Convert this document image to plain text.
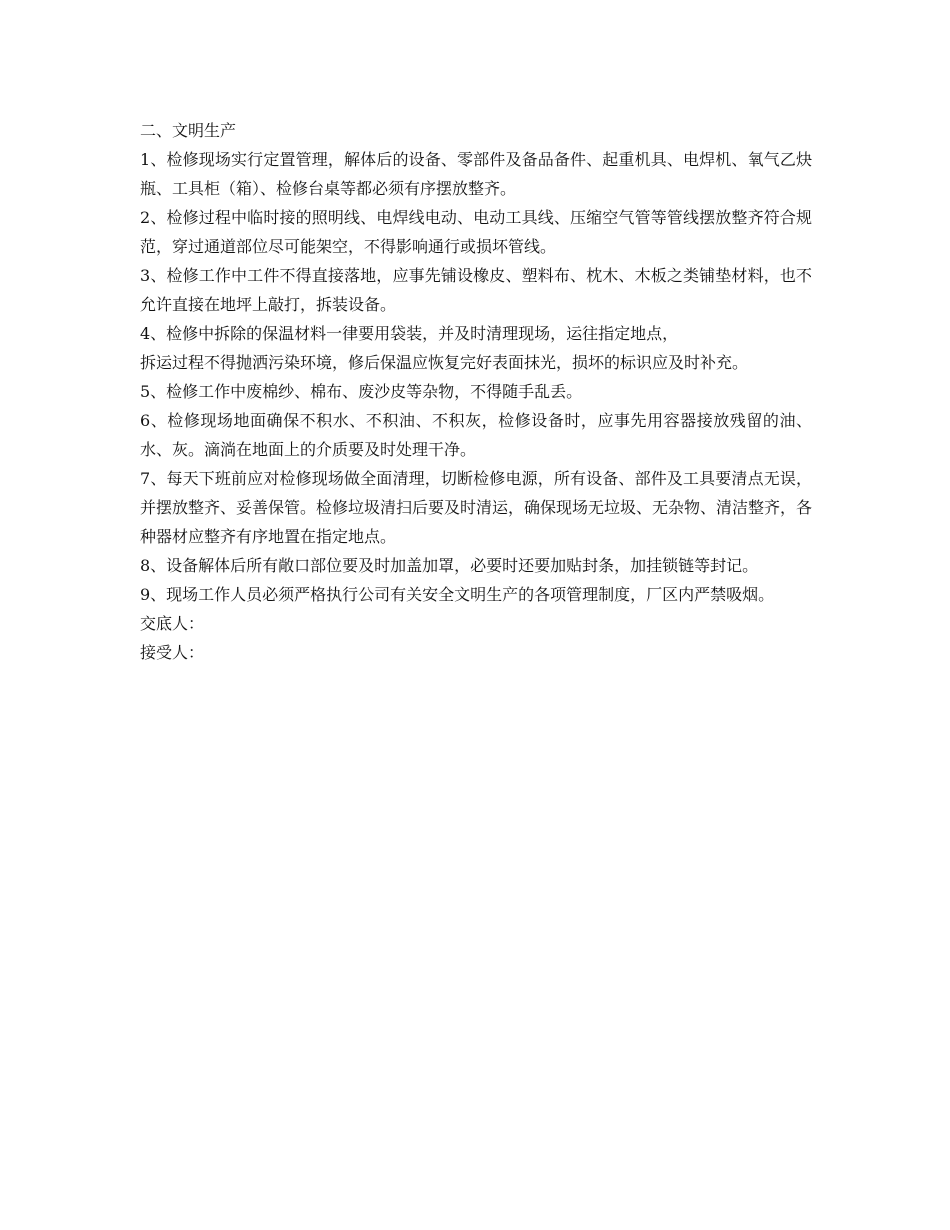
二、文明生产

1、检修现场实行定置管理，解体后的设备、零部件及备品备件、起重机具、电焊机、氧气乙炔瓶、工具柜（箱）、检修台桌等都必须有序摆放整齐。

2、检修过程中临时接的照明线、电焊线电动、电动工具线、压缩空气管等管线摆放整齐符合规范，穿过通道部位尽可能架空，不得影响通行或损坏管线。

3、检修工作中工件不得直接落地，应事先铺设橡皮、塑料布、枕木、木板之类铺垫材料，也不允许直接在地坪上敲打，拆装设备。

4、检修中拆除的保温材料一律要用袋装，并及时清理现场，运往指定地点，

拆运过程不得抛洒污染环境，修后保温应恢复完好表面抹光，损坏的标识应及时补充。

5、检修工作中废棉纱、棉布、废沙皮等杂物，不得随手乱丢。

6、检修现场地面确保不积水、不积油、不积灰，检修设备时，应事先用容器接放残留的油、水、灰。滴淌在地面上的介质要及时处理干净。

7、每天下班前应对检修现场做全面清理，切断检修电源，所有设备、部件及工具要清点无误，并摆放整齐、妥善保管。检修垃圾清扫后要及时清运，确保现场无垃圾、无杂物、清洁整齐，各种器材应整齐有序地置在指定地点。

8、设备解体后所有敞口部位要及时加盖加罩，必要时还要加贴封条，加挂锁链等封记。

9、现场工作人员必须严格执行公司有关安全文明生产的各项管理制度，厂区内严禁吸烟。

交底人：

接受人：
